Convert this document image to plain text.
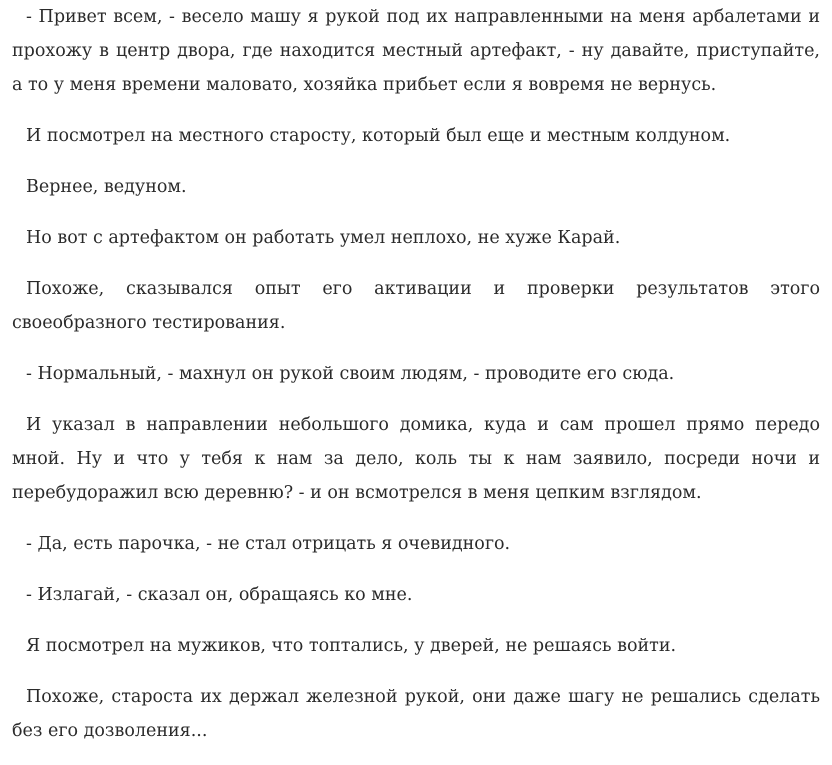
- Привет всем, - весело машу я рукой под их направленными на меня арбалетами и прохожу в центр двора, где находится местный артефакт, - ну давайте, приступайте, а то у меня времени маловато, хозяйка прибьет если я вовремя не вернусь.

И посмотрел на местного старосту, который был еще и местным колдуном.

Вернее, ведуном.

Но вот с артефактом он работать умел неплохо, не хуже Карай.

Похоже, сказывался опыт его активации и проверки результатов этого своеобразного тестирования.

- Нормальный, - махнул он рукой своим людям, - проводите его сюда.

И указал в направлении небольшого домика, куда и сам прошел прямо передо мной. Ну и что у тебя к нам за дело, коль ты к нам заявило, посреди ночи и перебудоражил всю деревню? - и он всмотрелся в меня цепким взглядом.

- Да, есть парочка, - не стал отрицать я очевидного.

- Излагай, - сказал он, обращаясь ко мне.

Я посмотрел на мужиков, что топтались, у дверей, не решаясь войти.

Похоже, староста их держал железной рукой, они даже шагу не решались сделать без его дозволения...
